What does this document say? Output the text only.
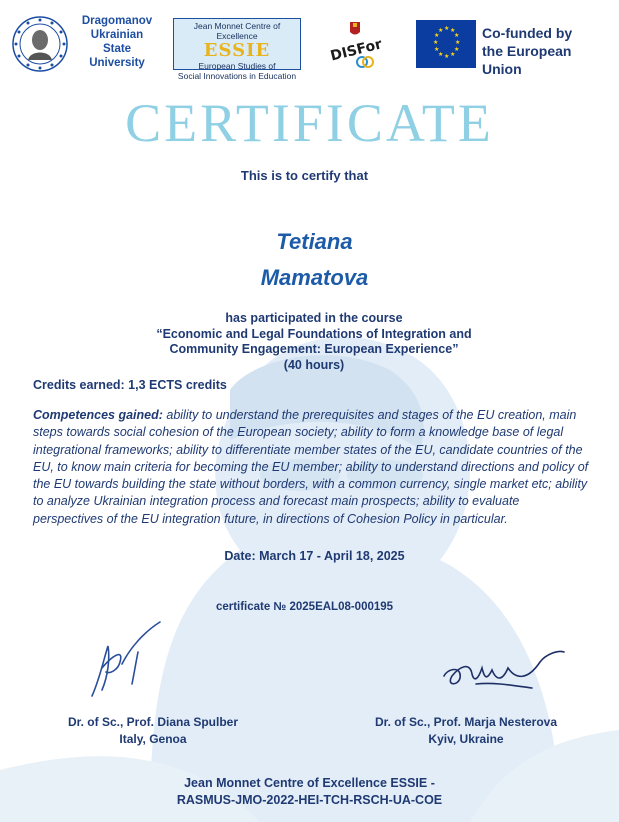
Dragomanov
Ukrainian
State
University
Jean Monnet Centre of Excellence
ESSIE
European Studies of
Social Innovations in Education
DISFor
★ ★
★
★
★
★
★
★
★
★
★
★	Co-funded by
the European Union
CERTIFICATE
This is to certify that
Tetiana
Mamatova
has participated in the course
“Economic and Legal Foundations of Integration and
Community Engagement: European Experience”
(40 hours)
Credits earned: 1,3 ECTS credits
Competences gained: ability to understand the prerequisites and stages of the EU creation, main steps towards social cohesion of the European society; ability to form a knowledge base of legal integrational frameworks; ability to differentiate member states of the EU, candidate countries of the EU, to know main criteria for becoming the EU member; ability to understand directions and policy of the EU towards building the state without borders, with a common currency, single market etc; ability to analyze Ukrainian integration process and forecast main prospects; ability to evaluate perspectives of the EU integration future, in directions of Cohesion Policy in particular.
Date: March 17 - April 18, 2025
certificate № 2025EAL08-000195
Dr. of Sc., Prof. Diana Spulber
Italy, Genoa
Dr. of Sc., Prof. Marja Nesterova
Kyiv, Ukraine
Jean Monnet Centre of Excellence ESSIE -
RASMUS-JMO-2022-HEI-TCH-RSCH-UA-COE
